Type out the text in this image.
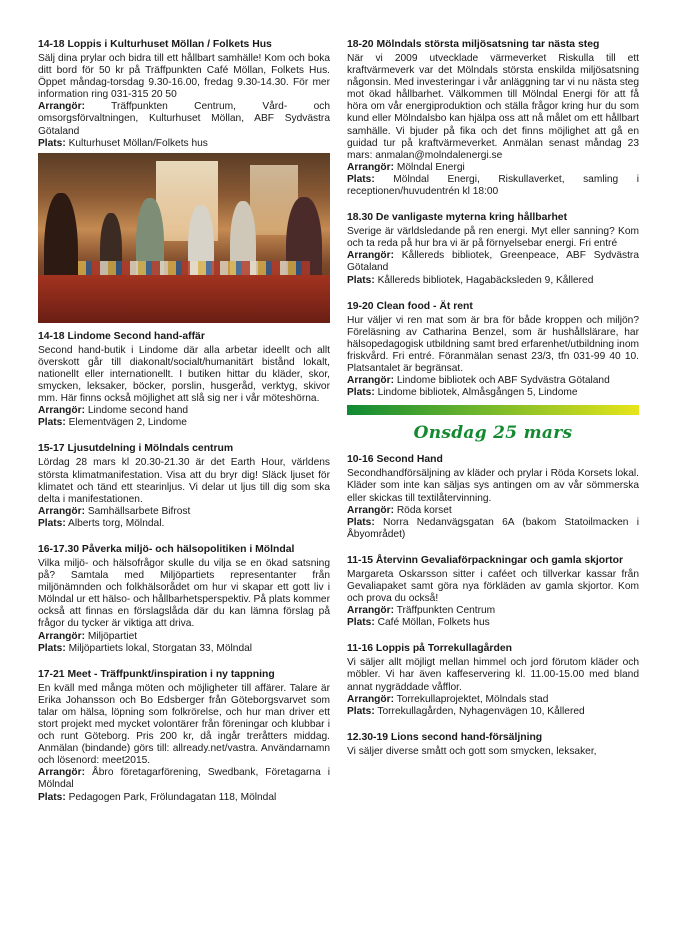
14-18 Loppis i Kulturhuset Möllan / Folkets Hus

Sälj dina prylar och bidra till ett hållbart samhälle! Kom och boka ditt bord för 50 kr på Träffpunkten Café Möllan, Folkets Hus. Öppet måndag-torsdag 9.30-16.00, fredag 9.30-14.30. För mer information ring 031-315 20 50

Arrangör:	Träffpunkten Centrum, Vård- och omsorgsförvaltningen, Kulturhuset Möllan, ABF Sydvästra Götaland

Plats: Kulturhuset Möllan/Folkets hus

14-18 Lindome Second hand-affär

Second hand-butik i Lindome där alla arbetar ideellt och allt överskott går till diakonalt/socialt/humanitärt bistånd lokalt, nationellt eller internationellt. I butiken hittar du kläder, skor, smycken, leksaker, böcker, porslin, husgeråd, verktyg, skivor mm. Här finns också möjlighet att slå sig ner i vår möteshörna.

Arrangör: Lindome second hand

Plats: Elementvägen 2, Lindome

15-17 Ljusutdelning i Mölndals centrum

Lördag 28 mars kl 20.30-21.30 är det Earth Hour, världens största klimatmanifestation. Visa att du bryr dig! Släck ljuset för klimatet och tänd ett stearinljus. Vi delar ut ljus till dig som ska delta i manifestationen.

Arrangör: Samhällsarbete Bifrost

Plats: Alberts torg, Mölndal.

16-17.30 Påverka miljö- och hälsopolitiken i Mölndal

Vilka miljö- och hälsofrågor skulle du vilja se en ökad satsning på? Samtala med Miljöpartiets representanter från miljönämnden och folkhälsorådet om hur vi skapar ett gott liv i Mölndal ur ett hälso- och hållbarhetsperspektiv. På plats kommer också att finnas en förslagslåda där du kan lämna förslag på frågor du tycker är viktiga att driva.

Arrangör: Miljöpartiet

Plats: Miljöpartiets lokal, Storgatan 33, Mölndal

17-21 Meet - Träffpunkt/inspiration i ny tappning

En kväll med många möten och möjligheter till affärer. Talare är Erika Johansson och Bo Edsberger från Göteborgsvarvet som talar om hälsa, löpning som folkrörelse, och hur man driver ett stort projekt med mycket volontärer från föreningar och klubbar i och runt Göteborg. Pris 200 kr, då ingår treråtters middag. Anmälan (bindande) görs till: allready.net/vastra. Användarnamn och lösenord: meet2015.

Arrangör: Åbro företagarförening, Swedbank, Företagarna i Mölndal

Plats: Pedagogen Park, Frölundagatan 118, Mölndal

18-20 Mölndals största miljösatsning tar nästa steg

När vi 2009 utvecklade värmeverket Riskulla till ett kraftvärmeverk var det Mölndals största enskilda miljösatsning någonsin. Med investeringar i vår anläggning tar vi nu nästa steg mot ökad hållbarhet. Välkommen till Mölndal Energi för att få höra om vår energiproduktion och ställa frågor kring hur du som kund eller Mölndalsbo kan hjälpa oss att nå målet om ett hållbart samhälle. Vi bjuder på fika och det finns möjlighet att gå en guidad tur på kraftvärmeverket. Anmälan senast måndag 23 mars: anmalan@molndalenergi.se

Arrangör: Mölndal Energi

Plats: Mölndal Energi, Riskullaverket, samling i receptionen/huvudentrén kl 18:00

18.30 De vanligaste myterna kring hållbarhet

Sverige är världsledande på ren energi. Myt eller sanning? Kom och ta reda på hur bra vi är på förnyelsebar energi. Fri entré

Arrangör: Kållereds bibliotek, Greenpeace, ABF Sydvästra Götaland

Plats: Kållereds bibliotek, Hagabäcksleden 9, Kållered

19-20 Clean food - Ät rent

Hur väljer vi ren mat som är bra för både kroppen och miljön? Föreläsning av Catharina Benzel, som är hushållslärare, har hälsopedagogisk utbildning samt bred erfarenhet/utbildning inom friskvård. Fri entré. Föranmälan senast 23/3, tfn 031-99 40 10. Platsantalet är begränsat.

Arrangör: Lindome bibliotek och ABF Sydvästra Götaland

Plats: Lindome bibliotek, Almåsgången 5, Lindome

Onsdag 25 mars
10-16 Second Hand

Secondhandförsäljning av kläder och prylar i Röda Korsets lokal. Kläder som inte kan säljas sys antingen om av vår sömmerska eller skickas till textilåtervinning.

Arrangör: Röda korset

Plats: Norra Nedanvägsgatan 6A (bakom Statoilmacken i Åbyområdet)

11-15 Återvinn Gevaliaförpackningar och gamla skjortor

Margareta Oskarsson sitter i caféet och tillverkar kassar från Gevaliapaket samt göra nya förkläden av gamla skjortor. Kom och prova du också!

Arrangör: Träffpunkten Centrum

Plats: Café Möllan, Folkets hus

11-16 Loppis på Torrekullagården

Vi säljer allt möjligt mellan himmel och jord förutom kläder och möbler. Vi har även kaffeservering kl. 11.00-15.00 med bland annat nygräddade våfflor.

Arrangör: Torrekullaprojektet, Mölndals stad

Plats: Torrekullagården, Nyhagenvägen 10, Kållered

12.30-19 Lions second hand-försäljning

Vi säljer diverse smått och gott som smycken, leksaker,
